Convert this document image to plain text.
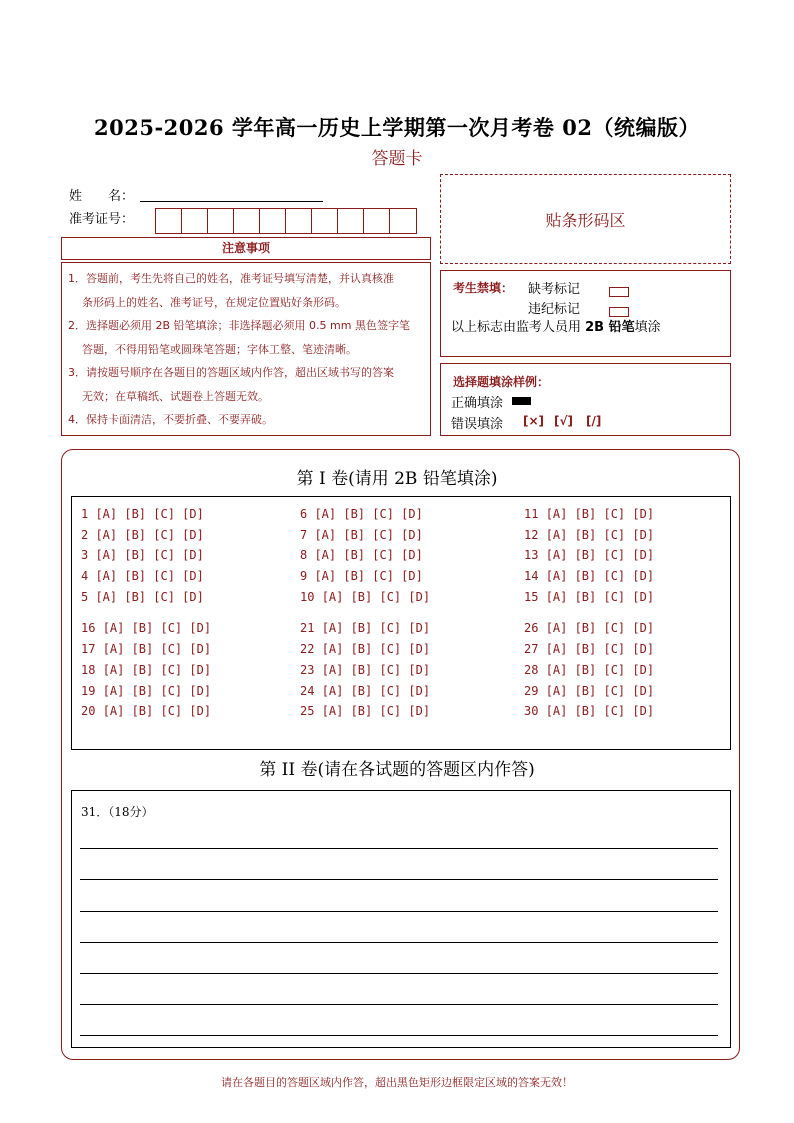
2025-2026 学年高一历史上学期第一次月考卷 02（统编版）
答题卡
姓　　名：
准考证号：	贴条形码区
注意事项
1．答题前，考生先将自己的姓名，准考证号填写清楚，并认真核准
条形码上的姓名、准考证号，在规定位置贴好条形码。
2．选择题必须用 2B 铅笔填涂；非选择题必须用 0.5 mm 黑色签字笔
答题，不得用铅笔或圆珠笔答题；字体工整、笔迹清晰。
3．请按题号顺序在各题目的答题区域内作答，超出区域书写的答案
无效；在草稿纸、试题卷上答题无效。
4．保持卡面清洁，不要折叠、不要弄破。
考生禁填： 缺考标记
违纪标记
以上标志由监考人员用 2B 铅笔填涂
选择题填涂样例：
正确填涂
错误填涂 [×] [√] [/]
第 I 卷(请用 2B 铅笔填涂)
1 [A] [B] [C] [D]
2 [A] [B] [C] [D]
3 [A] [B] [C] [D]
4 [A] [B] [C] [D]
5 [A] [B] [C] [D]
6 [A] [B] [C] [D]
7 [A] [B] [C] [D]
8 [A] [B] [C] [D]
9 [A] [B] [C] [D]
10 [A] [B] [C] [D]
11 [A] [B] [C] [D]
12 [A] [B] [C] [D]
13 [A] [B] [C] [D]
14 [A] [B] [C] [D]
15 [A] [B] [C] [D]
16 [A] [B] [C] [D]
17 [A] [B] [C] [D]
18 [A] [B] [C] [D]
19 [A] [B] [C] [D]
20 [A] [B] [C] [D]
21 [A] [B] [C] [D]
22 [A] [B] [C] [D]
23 [A] [B] [C] [D]
24 [A] [B] [C] [D]
25 [A] [B] [C] [D]
26 [A] [B] [C] [D]
27 [A] [B] [C] [D]
28 [A] [B] [C] [D]
29 [A] [B] [C] [D]
30 [A] [B] [C] [D]
第 II 卷(请在各试题的答题区内作答)
31．（18分）
请在各题目的答题区域内作答，超出黑色矩形边框限定区域的答案无效！
